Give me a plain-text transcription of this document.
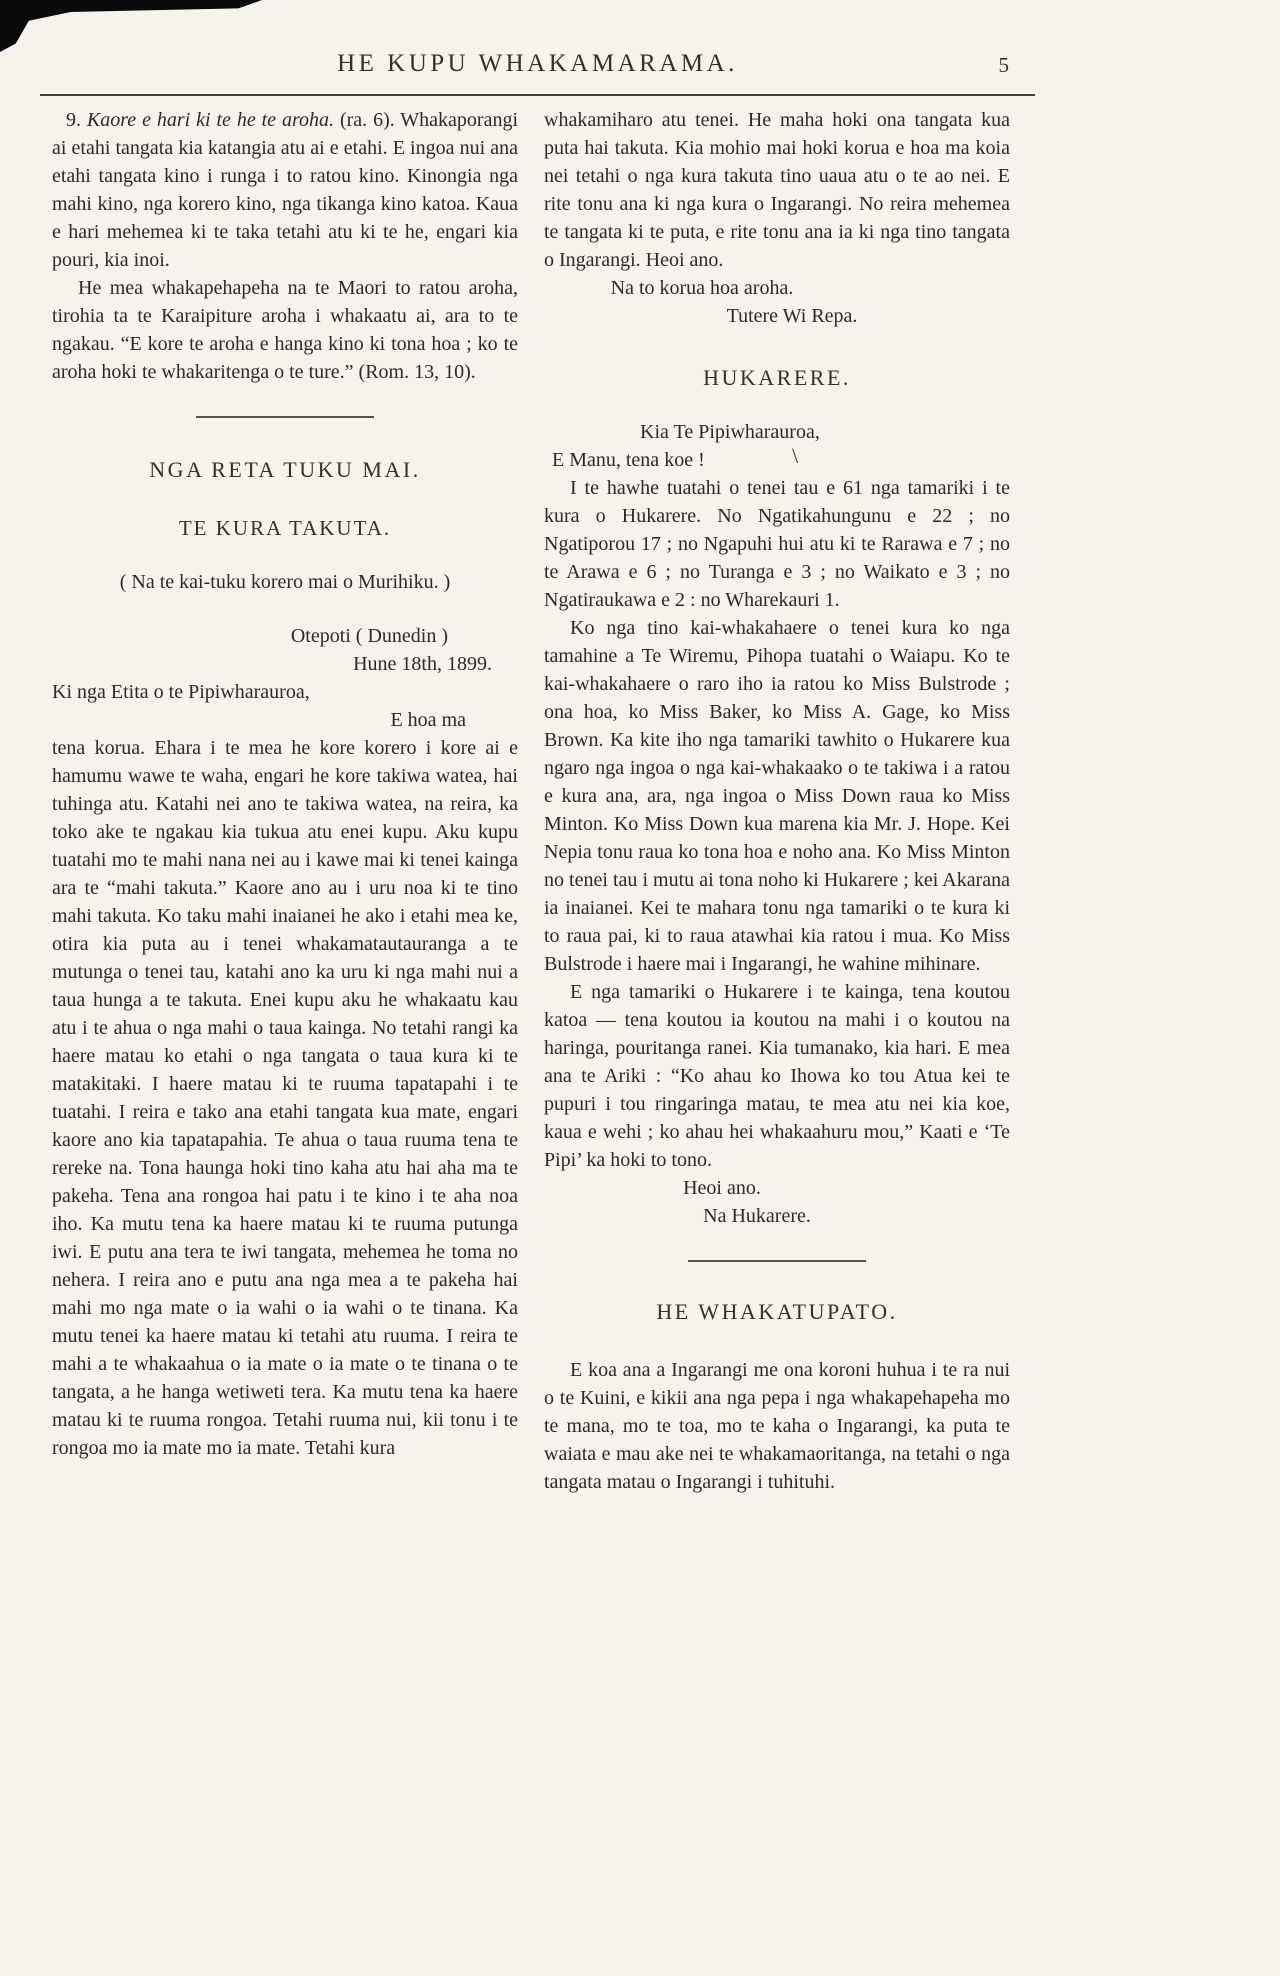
HE KUPU WHAKAMARAMA.	5

9. Kaore e hari ki te he te aroha. (ra. 6). Whakaporangi ai etahi tangata kia katangia atu ai e etahi. E ingoa nui ana etahi tangata kino i runga i to ratou kino. Kinongia nga mahi kino, nga korero kino, nga tikanga kino katoa. Kaua e hari mehemea ki te taka tetahi atu ki te he, engari kia pouri, kia inoi.

He mea whakapehapeha na te Maori to ratou aroha, tirohia ta te Karaipiture aroha i whakaatu ai, ara to te ngakau. “E kore te aroha e hanga kino ki tona hoa ; ko te aroha hoki te whakaritenga o te ture.” (Rom. 13, 10).

NGA RETA TUKU MAI.
TE KURA TAKUTA.

( Na te kai-tuku korero mai o Murihiku. )

Otepoti ( Dunedin )

Hune 18th, 1899.

Ki nga Etita o te Pipiwharauroa,

E hoa ma

tena korua. Ehara i te mea he kore korero i kore ai e hamumu wawe te waha, engari he kore takiwa watea, hai tuhinga atu. Katahi nei ano te takiwa watea, na reira, ka toko ake te ngakau kia tukua atu enei kupu. Aku kupu tuatahi mo te mahi nana nei au i kawe mai ki tenei kainga ara te “mahi takuta.” Kaore ano au i uru noa ki te tino mahi takuta. Ko taku mahi inaianei he ako i etahi mea ke, otira kia puta au i tenei whakamatautauranga a te mutunga o tenei tau, katahi ano ka uru ki nga mahi nui a taua hunga a te takuta. Enei kupu aku he whakaatu kau atu i te ahua o nga mahi o taua kainga. No tetahi rangi ka haere matau ko etahi o nga tangata o taua kura ki te matakitaki. I haere matau ki te ruuma tapatapahi i te tuatahi. I reira e tako ana etahi tangata kua mate, engari kaore ano kia tapatapahia. Te ahua o taua ruuma tena te rereke na. Tona haunga hoki tino kaha atu hai aha ma te pakeha. Tena ana rongoa hai patu i te kino i te aha noa iho. Ka mutu tena ka haere matau ki te ruuma putunga iwi. E putu ana tera te iwi tangata, mehemea he toma no nehera. I reira ano e putu ana nga mea a te pakeha hai mahi mo nga mate o ia wahi o ia wahi o te tinana. Ka mutu tenei ka haere matau ki tetahi atu ruuma. I reira te mahi a te whakaahua o ia mate o ia mate o te tinana o te tangata, a he hanga wetiweti tera. Ka mutu tena ka haere matau ki te ruuma rongoa. Tetahi ruuma nui, kii tonu i te rongoa mo ia mate mo ia mate. Tetahi kura

whakamiharo atu tenei. He maha hoki ona tangata kua puta hai takuta. Kia mohio mai hoki korua e hoa ma koia nei tetahi o nga kura takuta tino uaua atu o te ao nei. E rite tonu ana ki nga kura o Ingarangi. No reira mehemea te tangata ki te puta, e rite tonu ana ia ki nga tino tangata o Ingarangi. Heoi ano.

Na to korua hoa aroha.

Tutere Wi Repa.

HUKARERE.

Kia Te Pipiwharauroa,

E Manu, tena koe !	\

I te hawhe tuatahi o tenei tau e 61 nga tamariki i te kura o Hukarere. No Ngatikahungunu e 22 ; no Ngatiporou 17 ; no Ngapuhi hui atu ki te Rarawa e 7 ; no te Arawa e 6 ; no Turanga e 3 ; no Waikato e 3 ; no Ngatiraukawa e 2 : no Wharekauri 1.

Ko nga tino kai-whakahaere o tenei kura ko nga tamahine a Te Wiremu, Pihopa tuatahi o Waiapu. Ko te kai-whakahaere o raro iho ia ratou ko Miss Bulstrode ; ona hoa, ko Miss Baker, ko Miss A. Gage, ko Miss Brown. Ka kite iho nga tamariki tawhito o Hukarere kua ngaro nga ingoa o nga kai-whakaako o te takiwa i a ratou e kura ana, ara, nga ingoa o Miss Down raua ko Miss Minton. Ko Miss Down kua marena kia Mr. J. Hope. Kei Nepia tonu raua ko tona hoa e noho ana. Ko Miss Minton no tenei tau i mutu ai tona noho ki Hukarere ; kei Akarana ia inaianei. Kei te mahara tonu nga tamariki o te kura ki to raua pai, ki to raua atawhai kia ratou i mua. Ko Miss Bulstrode i haere mai i Ingarangi, he wahine mihinare.

E nga tamariki o Hukarere i te kainga, tena koutou katoa — tena koutou ia koutou na mahi i o koutou na haringa, pouritanga ranei. Kia tumanako, kia hari. E mea ana te Ariki : “Ko ahau ko Ihowa ko tou Atua kei te pupuri i tou ringaringa matau, te mea atu nei kia koe, kaua e wehi ; ko ahau hei whakaahuru mou,” Kaati e ‘Te Pipi’ ka hoki to tono.

Heoi ano.

Na Hukarere.

HE WHAKATUPATO.

E koa ana a Ingarangi me ona koroni huhua i te ra nui o te Kuini, e kikii ana nga pepa i nga whakapehapeha mo te mana, mo te toa, mo te kaha o Ingarangi, ka puta te waiata e mau ake nei te whakamaoritanga, na tetahi o nga tangata matau o Ingarangi i tuhituhi.
